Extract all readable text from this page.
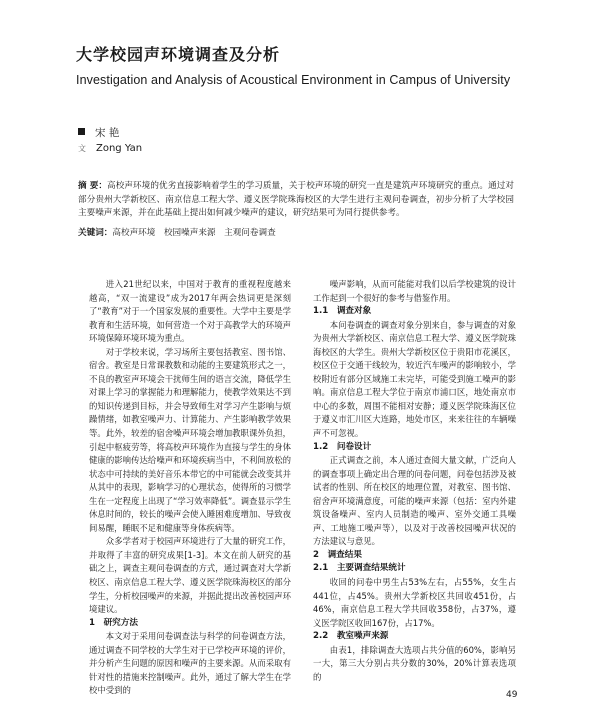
大学校园声环境调查及分析
Investigation and Analysis of Acoustical Environment in Campus of University
宋 艳
文 Zong Yan
摘 要：高校声环境的优劣直接影响着学生的学习质量，关于校声环境的研究一直是建筑声环境研究的重点。通过对部分贵州大学新校区、南京信息工程大学、遵义医学院珠海校区的大学生进行主观问卷调查，初步分析了大学校园主要噪声来源，并在此基础上提出如何减少噪声的建议，研究结果可为同行提供参考。
关键词：高校声环境　校园噪声来源　主观问卷调查

进入21世纪以来，中国对于教育的重视程度越来越高，“双一流建设”成为2017年两会热词更是深刻了“教育”对于一个国家发展的重要性。大学中主要是学教育和生活环境，如何营造一个对于高教学大的环境声环境保障环境环境为重点。

对于学校来说，学习场所主要包括教室、图书馆、宿舍。教室是日常课教数和动能的主要建筑形式之一，不良的教室声环境会干扰师生间的语言交流，降低学生对课上学习的掌握能力和理解能力，使教学效果达不到的知识传递到目标，并会导致师生对学习产生影响与烦躁情绪，如教室噪声力、计算能力、产生影响教学效果等。此外，较差的宿舍噪声环境会增加教职课外负担，引起中枢疲劳等，将高校声环境作为直接与学生的身体健康的影响传达给噪声和环境疾病当中，不利间放松的状态中可持续的美好音乐本带它的中可能就会改变其并从其中的表现，影响学习的心理状态，使得所的习惯学生在一定程度上出现了“学习效率降低”。调查显示学生休息时间的，较长的噪声会使入睡困难度增加、导致夜间易醒，睡眠不足和健康等身体疾病等。

众多学者对于校园声环境进行了大量的研究工作，并取得了丰富的研究成果[1-3]。本文在前人研究的基础之上，调查主观问卷调查的方式，通过调查对大学新校区、南京信息工程大学、遵义医学院珠海校区的部分学生，分析校园噪声的来源，并据此提出改善校园声环境建议。

1　研究方法

本文对于采用问卷调查法与科学的问卷调查方法，通过调查不同学校的大学生对于已学校声环境的评价，并分析产生问题的原因和噪声的主要来源。从而采取有针对性的措施来控制噪声。此外，通过了解大学生在学校中受到的

噪声影响，从而可能能对我们以后学校建筑的设计工作起到一个很好的参考与借鉴作用。

1.1　调查对象

本问卷调查的调查对象分别来自，参与调查的对象为贵州大学新校区、南京信息工程大学、遵义医学院珠海校区的大学生。贵州大学新校区位于贵阳市花溪区，校区位于交通干线较为，较近汽车噪声的影响较小，学校附近有部分区域施工未完毕，可能受到施工噪声的影响。南京信息工程大学位于南京市浦口区，地处南京市中心的多数，周围不能相对安静；遵义医学院珠海区位于遵义市汇川区大连路，地处市区，来来往往的车辆噪声不可忽视。

1.2　问卷设计

正式调查之前，本人通过查阅大量文献，广泛向人的调查事项上确定出合理的问卷问题，问卷包括涉及被试者的性别、所在校区的地理位置，对教室、图书馆、宿舍声环境满意度，可能的噪声来源（包括：室内外建筑设备噪声、室内人员制造的噪声、室外交通工具噪声、工地施工噪声等），以及对于改善校园噪声状况的方法建议与意见。

2　调查结果
2.1　主要调查结果统计

收回的问卷中男生占53%左右，占55%，女生占441位，占45%。贵州大学新校区共回收451份，占46%，南京信息工程大学共回收358份，占37%，遵义医学院区收回167份，占17%。

2.2　教室噪声来源

由表1，排除调查大选项占共分值的60%，影响另一大，第三大分别占共分数的30%，20%计算表选项的

49
